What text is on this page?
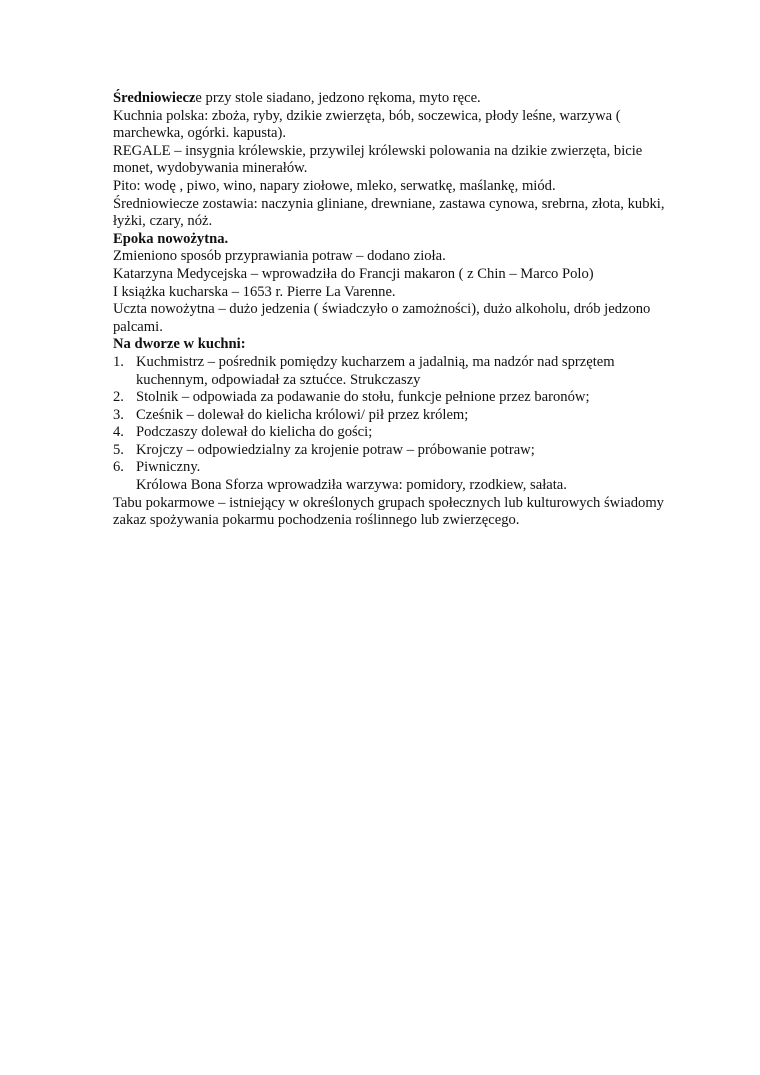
Średniowiecze przy stole siadano, jedzono rękoma, myto ręce.

Kuchnia polska: zboża, ryby, dzikie zwierzęta, bób, soczewica, płody leśne, warzywa ( marchewka, ogórki. kapusta).

REGALE – insygnia królewskie, przywilej królewski polowania na dzikie zwierzęta, bicie monet, wydobywania minerałów.

Pito: wodę , piwo, wino, napary ziołowe, mleko, serwatkę, maślankę, miód.

Średniowiecze zostawia: naczynia gliniane, drewniane, zastawa cynowa, srebrna, złota, kubki, łyżki, czary, nóż.

Epoka nowożytna.

Zmieniono sposób przyprawiania potraw – dodano zioła.

Katarzyna Medycejska – wprowadziła do Francji makaron ( z Chin – Marco Polo)

I książka kucharska – 1653 r. Pierre La Varenne.

Uczta nowożytna – dużo jedzenia ( świadczyło o zamożności), dużo alkoholu, drób jedzono palcami.

Na dworze w kuchni:

1. Kuchmistrz – pośrednik pomiędzy kucharzem a jadalnią, ma nadzór nad sprzętem kuchennym, odpowiadał za sztućce. Strukczaszy
2. Stolnik – odpowiada za podawanie do stołu, funkcje pełnione przez baronów;
3. Cześnik – dolewał do kielicha królowi/ pił przez królem;
4. Podczaszy dolewał do kielicha do gości;
5. Krojczy – odpowiedzialny za krojenie potraw – próbowanie potraw;
6. Piwniczny.

Królowa Bona Sforza wprowadziła warzywa: pomidory, rzodkiew, sałata.

Tabu pokarmowe – istniejący w określonych grupach społecznych lub kulturowych świadomy zakaz spożywania pokarmu pochodzenia roślinnego lub zwierzęcego.
